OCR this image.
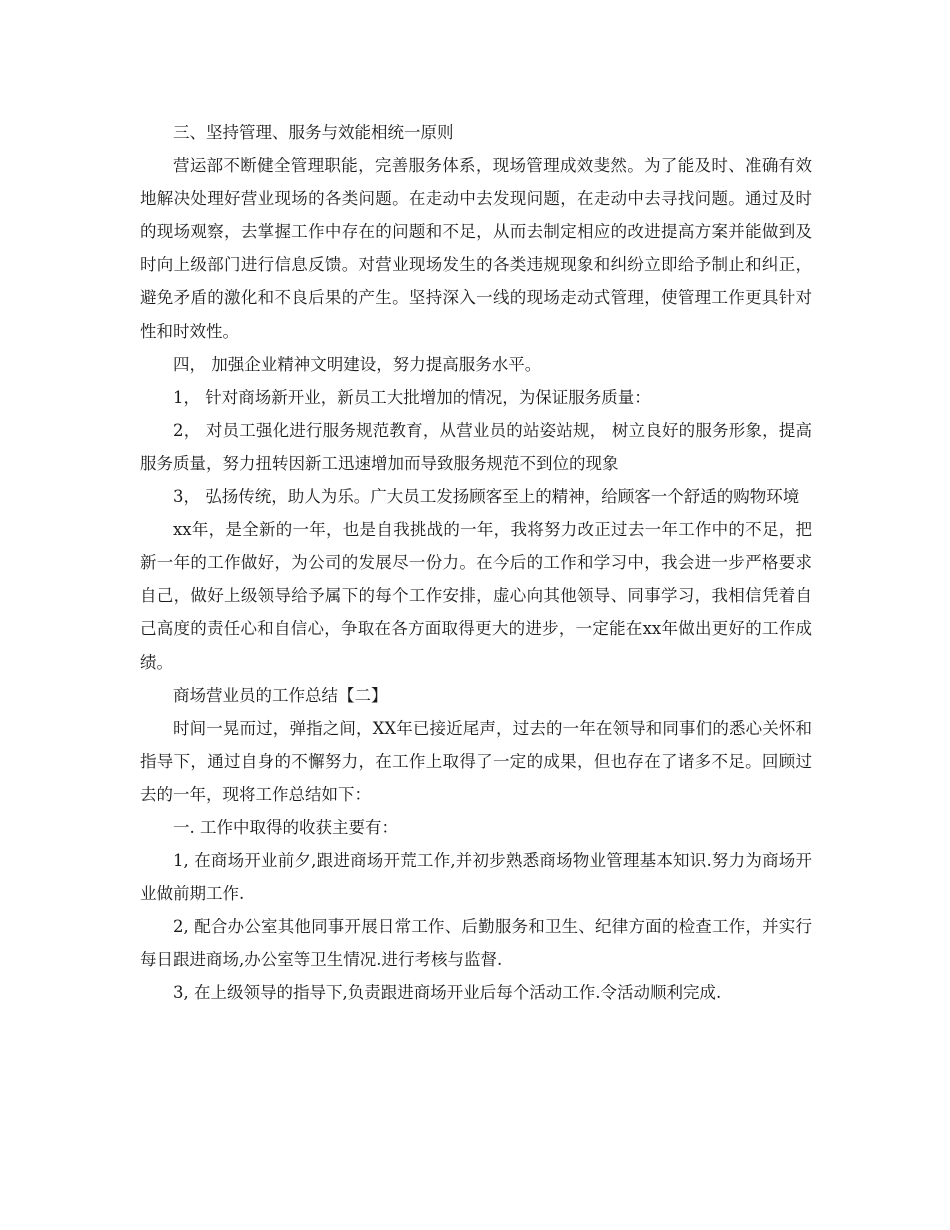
三、坚持管理、服务与效能相统一原则

营运部不断健全管理职能，完善服务体系，现场管理成效斐然。为了能及时、准确有效地解决处理好营业现场的各类问题。在走动中去发现问题，在走动中去寻找问题。通过及时的现场观察，去掌握工作中存在的问题和不足，从而去制定相应的改进提高方案并能做到及时向上级部门进行信息反馈。对营业现场发生的各类违规现象和纠纷立即给予制止和纠正，避免矛盾的激化和不良后果的产生。坚持深入一线的现场走动式管理，使管理工作更具针对性和时效性。

四， 加强企业精神文明建设，努力提高服务水平。

1， 针对商场新开业，新员工大批增加的情况，为保证服务质量：

2， 对员工强化进行服务规范教育，从营业员的站姿站规， 树立良好的服务形象，提高服务质量，努力扭转因新工迅速增加而导致服务规范不到位的现象

3， 弘扬传统，助人为乐。广大员工发扬顾客至上的精神，给顾客一个舒适的购物环境

xx年，是全新的一年，也是自我挑战的一年，我将努力改正过去一年工作中的不足，把新一年的工作做好，为公司的发展尽一份力。在今后的工作和学习中，我会进一步严格要求自己，做好上级领导给予属下的每个工作安排，虚心向其他领导、同事学习，我相信凭着自己高度的责任心和自信心，争取在各方面取得更大的进步，一定能在xx年做出更好的工作成绩。

商场营业员的工作总结【二】

时间一晃而过，弹指之间，XX年已接近尾声，过去的一年在领导和同事们的悉心关怀和指导下，通过自身的不懈努力，在工作上取得了一定的成果，但也存在了诸多不足。回顾过去的一年，现将工作总结如下：

一. 工作中取得的收获主要有：

1, 在商场开业前夕,跟进商场开荒工作,并初步熟悉商场物业管理基本知识.努力为商场开业做前期工作.

2, 配合办公室其他同事开展日常工作、后勤服务和卫生、纪律方面的检查工作，并实行每日跟进商场,办公室等卫生情况.进行考核与监督.

3, 在上级领导的指导下,负责跟进商场开业后每个活动工作.令活动顺利完成.
